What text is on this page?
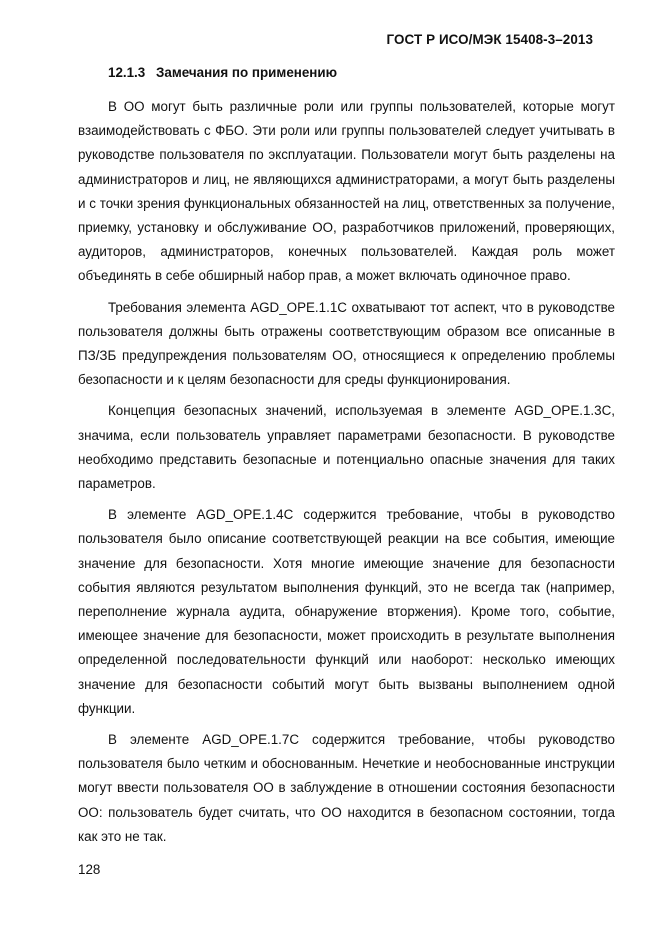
ГОСТ Р ИСО/МЭК 15408-3–2013
12.1.3 Замечания по применению

В ОО могут быть различные роли или группы пользователей, которые могут взаимодействовать с ФБО. Эти роли или группы пользователей следует учитывать в руководстве пользователя по эксплуатации. Пользователи могут быть разделены на администраторов и лиц, не являющихся администраторами, а могут быть разделены и с точки зрения функциональных обязанностей на лиц, ответственных за получение, приемку, установку и обслуживание ОО, разработчиков приложений, проверяющих, аудиторов, администраторов, конечных пользователей. Каждая роль может объединять в себе обширный набор прав, а может включать одиночное право.

Требования элемента AGD_OPE.1.1C охватывают тот аспект, что в руководстве пользователя должны быть отражены соответствующим образом все описанные в ПЗ/ЗБ предупреждения пользователям ОО, относящиеся к определению проблемы безопасности и к целям безопасности для среды функционирования.

Концепция безопасных значений, используемая в элементе AGD_OPE.1.3C, значима, если пользователь управляет параметрами безопасности. В руководстве необходимо представить безопасные и потенциально опасные значения для таких параметров.

В элементе AGD_OPE.1.4C содержится требование, чтобы в руководство пользователя было описание соответствующей реакции на все события, имеющие значение для безопасности. Хотя многие имеющие значение для безопасности события являются результатом выполнения функций, это не всегда так (например, переполнение журнала аудита, обнаружение вторжения). Кроме того, событие, имеющее значение для безопасности, может происходить в результате выполнения определенной последовательности функций или наоборот: несколько имеющих значение для безопасности событий могут быть вызваны выполнением одной функции.

В элементе AGD_OPE.1.7C содержится требование, чтобы руководство пользователя было четким и обоснованным. Нечеткие и необоснованные инструкции могут ввести пользователя ОО в заблуждение в отношении состояния безопасности ОО: пользователь будет считать, что ОО находится в безопасном состоянии, тогда как это не так.

128
